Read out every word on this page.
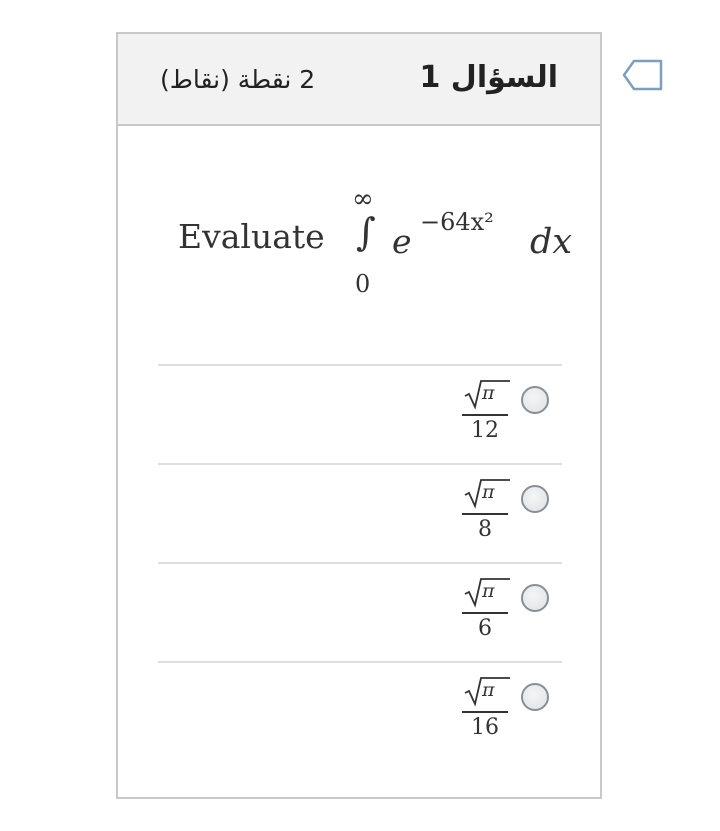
السؤال 1
2 نقطة (نقاط)
Evaluate
∞
∫
0
e −64x² dx
π
12
π
8
π
6
π
16
